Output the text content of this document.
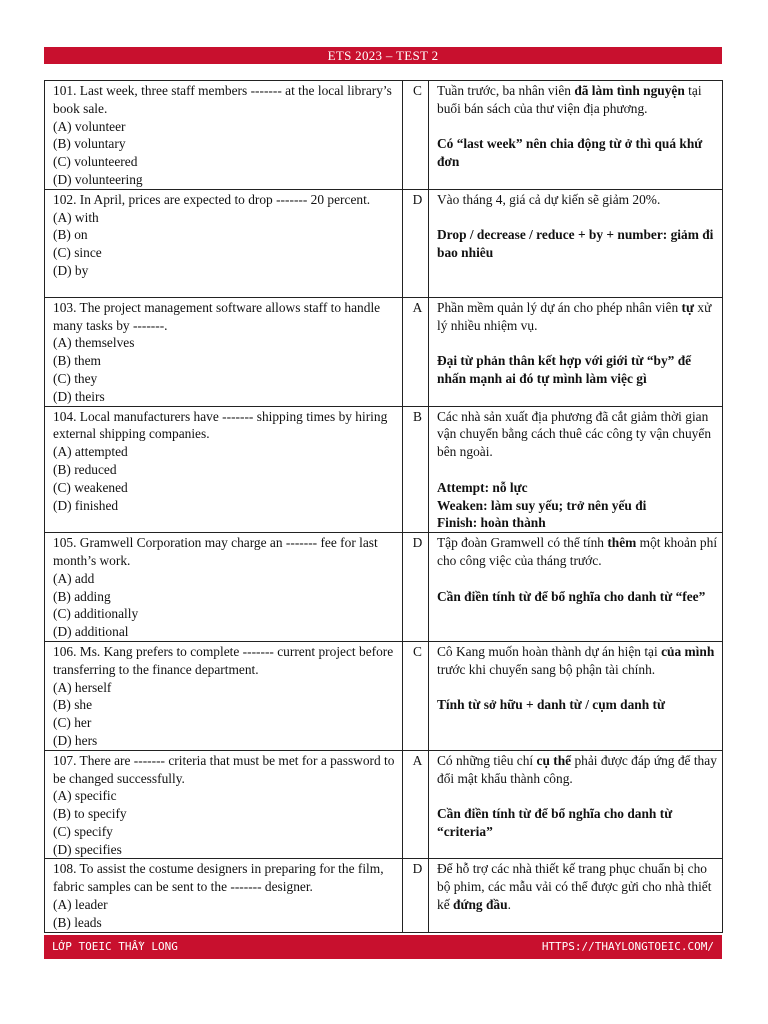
ETS 2023 – TEST 2
101. Last week, three staff members ------- at the local library’s book sale.
(A) volunteer
(B) voluntary
(C) volunteered
(D) volunteering	C	Tuần trước, ba nhân viên đã làm tình nguyện tại buổi bán sách của thư viện địa phương.
Có “last week” nên chia động từ ở thì quá khứ đơn

102. In April, prices are expected to drop ------- 20 percent.
(A) with
(B) on
(C) since
(D) by	D	Vào tháng 4, giá cả dự kiến sẽ giảm 20%.
Drop / decrease / reduce + by + number: giảm đi bao nhiêu

103. The project management software allows staff to handle many tasks by -------.
(A) themselves
(B) them
(C) they
(D) theirs	A	Phần mềm quản lý dự án cho phép nhân viên tự xử lý nhiều nhiệm vụ.
Đại từ phản thân kết hợp với giới từ “by” để nhấn mạnh ai đó tự mình làm việc gì

104. Local manufacturers have ------- shipping times by hiring external shipping companies.
(A) attempted
(B) reduced
(C) weakened
(D) finished	B	Các nhà sản xuất địa phương đã cắt giảm thời gian vận chuyển bằng cách thuê các công ty vận chuyển bên ngoài.
Attempt: nỗ lực
Weaken: làm suy yếu; trở nên yếu đi
Finish: hoàn thành

105. Gramwell Corporation may charge an ------- fee for last month’s work.
(A) add
(B) adding
(C) additionally
(D) additional	D	Tập đoàn Gramwell có thể tính thêm một khoản phí cho công việc của tháng trước.
Cần điền tính từ để bổ nghĩa cho danh từ “fee”

106. Ms. Kang prefers to complete ------- current project before transferring to the finance department.
(A) herself
(B) she
(C) her
(D) hers	C	Cô Kang muốn hoàn thành dự án hiện tại của mình trước khi chuyển sang bộ phận tài chính.
Tính từ sở hữu + danh từ / cụm danh từ

107. There are ------- criteria that must be met for a password to be changed successfully.
(A) specific
(B) to specify
(C) specify
(D) specifies	A	Có những tiêu chí cụ thể phải được đáp ứng để thay đổi mật khẩu thành công.
Cần điền tính từ để bổ nghĩa cho danh từ “criteria”

108. To assist the costume designers in preparing for the film, fabric samples can be sent to the ------- designer.
(A) leader
(B) leads	D	Để hỗ trợ các nhà thiết kế trang phục chuẩn bị cho bộ phim, các mẫu vải có thể được gửi cho nhà thiết kế đứng đầu.
LỚP TOEIC THẦY LONG	HTTPS://THAYLONGTOEIC.COM/
